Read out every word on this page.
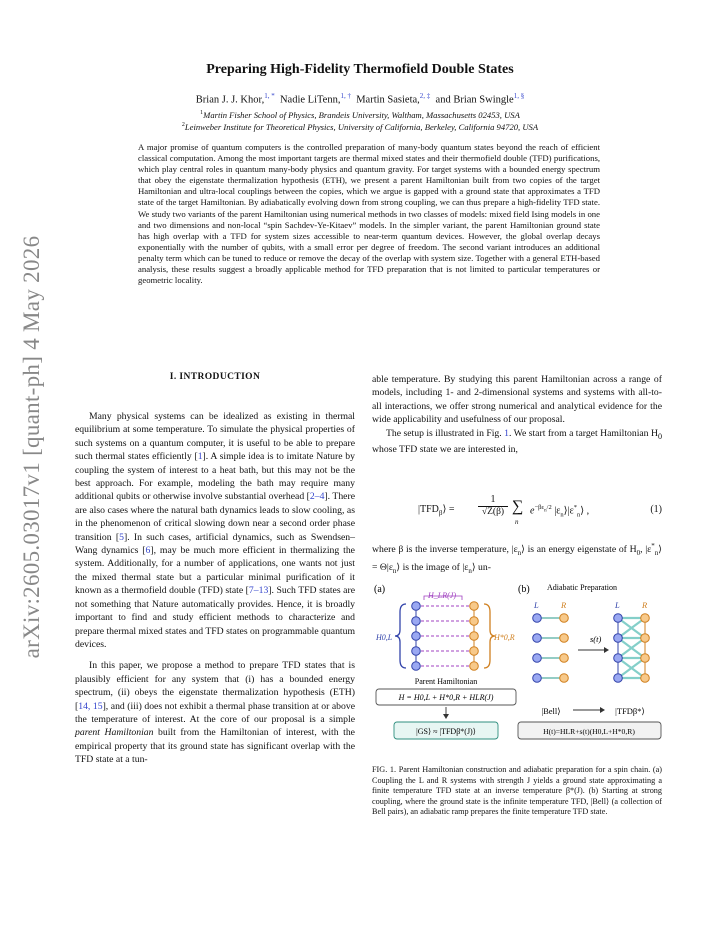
arXiv:2605.03017v1 [quant-ph] 4 May 2026
Preparing High-Fidelity Thermofield Double States
Brian J. J. Khor,$^{1, *}$ Nadie LiTenn,$^{1, \dagger}$ Martin Sasieta,$^{2, \ddagger}$ and Brian Swingle$^{1, \S}$
$^1$Martin Fisher School of Physics, Brandeis University, Waltham, Massachusetts 02453, USA
$^2$Leinweber Institute for Theoretical Physics, University of California, Berkeley, California 94720, USA
A major promise of quantum computers is the controlled preparation of many-body quantum states beyond the reach of efficient classical computation. Among the most important targets are thermal mixed states and their thermofield double (TFD) purifications, which play central roles in quantum many-body physics and quantum gravity. For target systems with a bounded energy spectrum that obey the eigenstate thermalization hypothesis (ETH), we present a parent Hamiltonian built from two copies of the target Hamiltonian and ultra-local couplings between the copies, which we argue is gapped with a ground state that approximates a TFD state of the target Hamiltonian. By adiabatically evolving down from strong coupling, we can thus prepare a high-fidelity TFD state. We study two variants of the parent Hamiltonian using numerical methods in two classes of models: mixed field Ising models in one and two dimensions and non-local “spin Sachdev-Ye-Kitaev” models. In the simpler variant, the parent Hamiltonian ground state has high overlap with a TFD for system sizes accessible to near-term quantum devices. However, the global overlap decays exponentially with the number of qubits, with a small error per degree of freedom. The second variant introduces an additional penalty term which can be tuned to reduce or remove the decay of the overlap with system size. Together with a general ETH-based analysis, these results suggest a broadly applicable method for TFD preparation that is not limited to particular temperatures or geometric locality.
I. INTRODUCTION

Many physical systems can be idealized as existing in thermal equilibrium at some temperature. To simulate the physical properties of such systems on a quantum computer, it is useful to be able to prepare such thermal states efficiently [1]. A simple idea is to imitate Nature by coupling the system of interest to a heat bath, but this may not be the best approach. For example, modeling the bath may require many additional qubits or otherwise involve substantial overhead [2–4]. There are also cases where the natural bath dynamics leads to slow cooling, as in the phenomenon of critical slowing down near a second order phase transition [5]. In such cases, artificial dynamics, such as Swendsen–Wang dynamics [6], may be much more efficient in thermalizing the system. Additionally, for a number of applications, one wants not just the mixed thermal state but a particular minimal purification of it known as a thermofield double (TFD) state [7–13]. Such TFD states are not something that Nature automatically provides. Hence, it is broadly important to find and study efficient methods to characterize and prepare thermal mixed states and TFD states on programmable quantum devices.

In this paper, we propose a method to prepare TFD states that is plausibly efficient for any system that (i) has a bounded energy spectrum, (ii) obeys the eigenstate thermalization hypothesis (ETH) [14, 15], and (iii) does not exhibit a thermal phase transition at or above the temperature of interest. At the core of our proposal is a simple parent Hamiltonian built from the Hamiltonian of interest, with the empirical property that its ground state has significant overlap with the TFD state at a tun-

able temperature. By studying this parent Hamiltonian across a range of models, including 1- and 2-dimensional systems and systems with all-to-all interactions, we offer strong numerical and analytical evidence for the wide applicability and usefulness of our proposal.

The setup is illustrated in Fig. 1. We start from a target Hamiltonian $H_0$ whose TFD state we are interested in,

$|TFD_\beta⟩$ =
1
√Z(β) ∑
n
$e^{-\beta\varepsilon_n/2}$ $|\varepsilon_n⟩|\varepsilon^*_n⟩$ ,	(1)

where β is the inverse temperature, $|\varepsilon_n⟩$ is an energy eigenstate of $H_0$, $|\varepsilon^*_n⟩$ = $\Theta|\varepsilon_n⟩$ is the image of $|\varepsilon_n⟩$ un-

(a)	(b)
H_LR(J)
H0,L	H*0,R
Parent Hamiltonian
H = H0,L + H*0,R + HLR(J)
|GS⟩ ≈ |TFDβ*(J)⟩
Adiabatic Preparation
L	R	L	R
s(t)
|Bell⟩	|TFDβ*⟩
H(t)=HLR+s(t)(H0,L+H*0,R)
FIG. 1. Parent Hamiltonian construction and adiabatic preparation for a spin chain. (a) Coupling the L and R systems with strength J yields a ground state approximating a finite temperature TFD state at an inverse temperature β*(J). (b) Starting at strong coupling, where the ground state is the infinite temperature TFD, |Bell⟩ (a collection of Bell pairs), an adiabatic ramp prepares the finite temperature TFD state.
